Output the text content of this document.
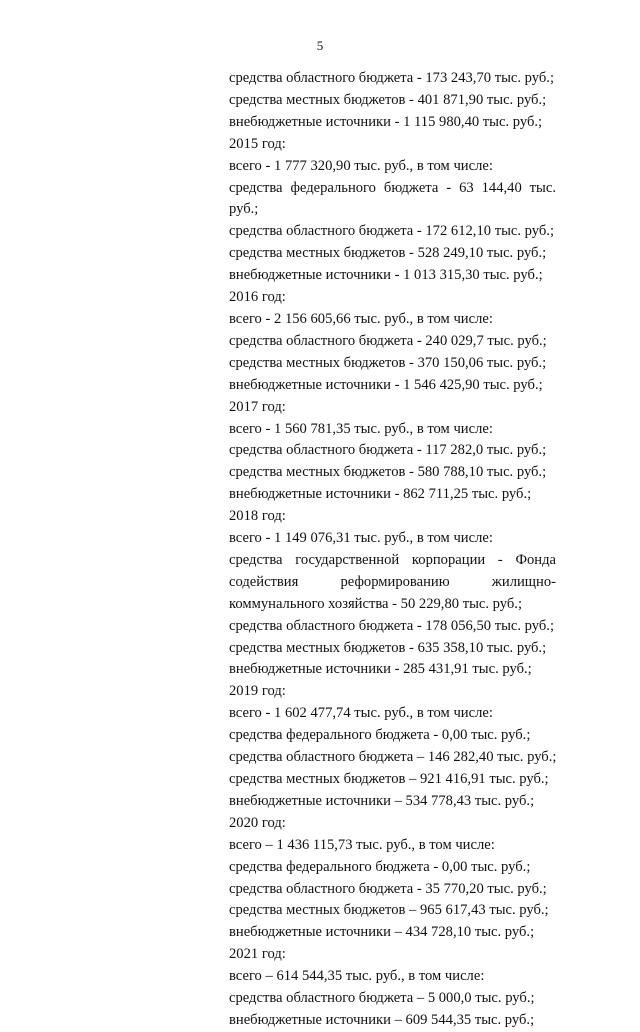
5
средства областного бюджета - 173 243,70 тыс. руб.;
средства местных бюджетов - 401 871,90 тыс. руб.;
внебюджетные источники - 1 115 980,40 тыс. руб.;
2015 год:
всего - 1 777 320,90 тыс. руб., в том числе:
средства федерального бюджета - 63 144,40 тыс.
руб.;
средства областного бюджета - 172 612,10 тыс. руб.;
средства местных бюджетов - 528 249,10 тыс. руб.;
внебюджетные источники - 1 013 315,30 тыс. руб.;
2016 год:
всего - 2 156 605,66 тыс. руб., в том числе:
средства областного бюджета - 240 029,7 тыс. руб.;
средства местных бюджетов - 370 150,06 тыс. руб.;
внебюджетные источники - 1 546 425,90 тыс. руб.;
2017 год:
всего - 1 560 781,35 тыс. руб., в том числе:
средства областного бюджета - 117 282,0 тыс. руб.;
средства местных бюджетов - 580 788,10 тыс. руб.;
внебюджетные источники - 862 711,25 тыс. руб.;
2018 год:
всего - 1 149 076,31 тыс. руб., в том числе:
средства государственной корпорации - Фонда
содействия реформированию жилищно-
коммунального хозяйства - 50 229,80 тыс. руб.;
средства областного бюджета - 178 056,50 тыс. руб.;
средства местных бюджетов - 635 358,10 тыс. руб.;
внебюджетные источники - 285 431,91 тыс. руб.;
2019 год:
всего - 1 602 477,74 тыс. руб., в том числе:
средства федерального бюджета - 0,00 тыс. руб.;
средства областного бюджета – 146 282,40 тыс. руб.;
средства местных бюджетов – 921 416,91 тыс. руб.;
внебюджетные источники – 534 778,43 тыс. руб.;
2020 год:
всего – 1 436 115,73 тыс. руб., в том числе:
средства федерального бюджета - 0,00 тыс. руб.;
средства областного бюджета - 35 770,20 тыс. руб.;
средства местных бюджетов – 965 617,43 тыс. руб.;
внебюджетные источники – 434 728,10 тыс. руб.;
2021 год:
всего – 614 544,35 тыс. руб., в том числе:
средства областного бюджета – 5 000,0 тыс. руб.;
внебюджетные источники – 609 544,35 тыс. руб.;
